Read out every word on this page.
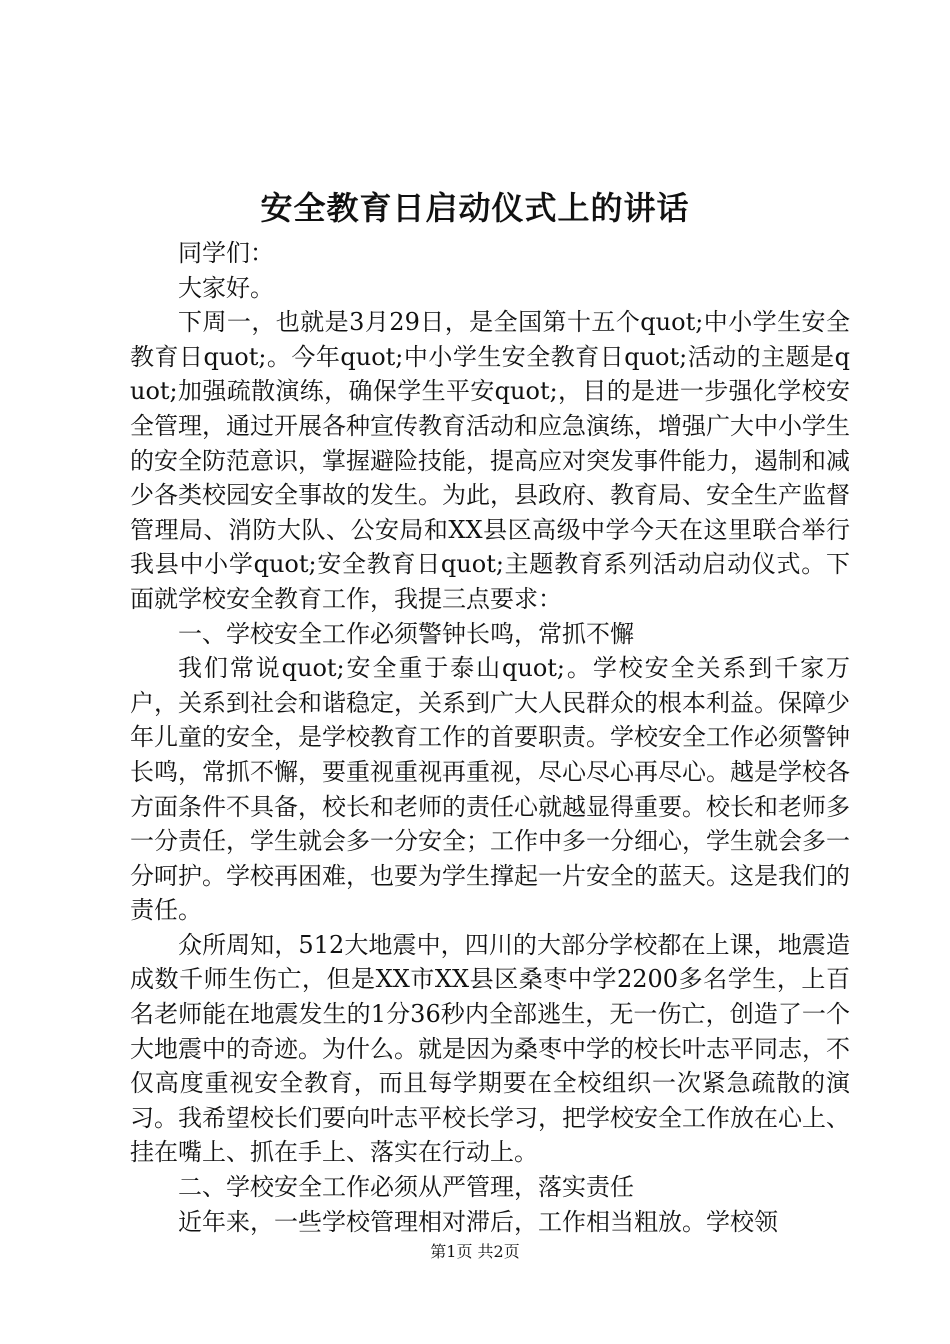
安全教育日启动仪式上的讲话

同学们：

大家好。

下周一，也就是3月29日，是全国第十五个quot;中小学生安全教育日quot;。今年quot;中小学生安全教育日quot;活动的主题是quot;加强疏散演练，确保学生平安quot;，目的是进一步强化学校安全管理，通过开展各种宣传教育活动和应急演练，增强广大中小学生的安全防范意识，掌握避险技能，提高应对突发事件能力，遏制和减少各类校园安全事故的发生。为此，县政府、教育局、安全生产监督管理局、消防大队、公安局和XX县区高级中学今天在这里联合举行我县中小学quot;安全教育日quot;主题教育系列活动启动仪式。下面就学校安全教育工作，我提三点要求：

一、学校安全工作必须警钟长鸣，常抓不懈

我们常说quot;安全重于泰山quot;。学校安全关系到千家万户，关系到社会和谐稳定，关系到广大人民群众的根本利益。保障少年儿童的安全，是学校教育工作的首要职责。学校安全工作必须警钟长鸣，常抓不懈，要重视重视再重视，尽心尽心再尽心。越是学校各方面条件不具备，校长和老师的责任心就越显得重要。校长和老师多一分责任，学生就会多一分安全；工作中多一分细心，学生就会多一分呵护。学校再困难，也要为学生撑起一片安全的蓝天。这是我们的责任。

众所周知，512大地震中，四川的大部分学校都在上课，地震造成数千师生伤亡，但是XX市XX县区桑枣中学2200多名学生，上百名老师能在地震发生的1分36秒内全部逃生，无一伤亡，创造了一个大地震中的奇迹。为什么。就是因为桑枣中学的校长叶志平同志，不仅高度重视安全教育，而且每学期要在全校组织一次紧急疏散的演习。我希望校长们要向叶志平校长学习，把学校安全工作放在心上、挂在嘴上、抓在手上、落实在行动上。

二、学校安全工作必须从严管理，落实责任

近年来，一些学校管理相对滞后，工作相当粗放。学校领

第1页 共2页
